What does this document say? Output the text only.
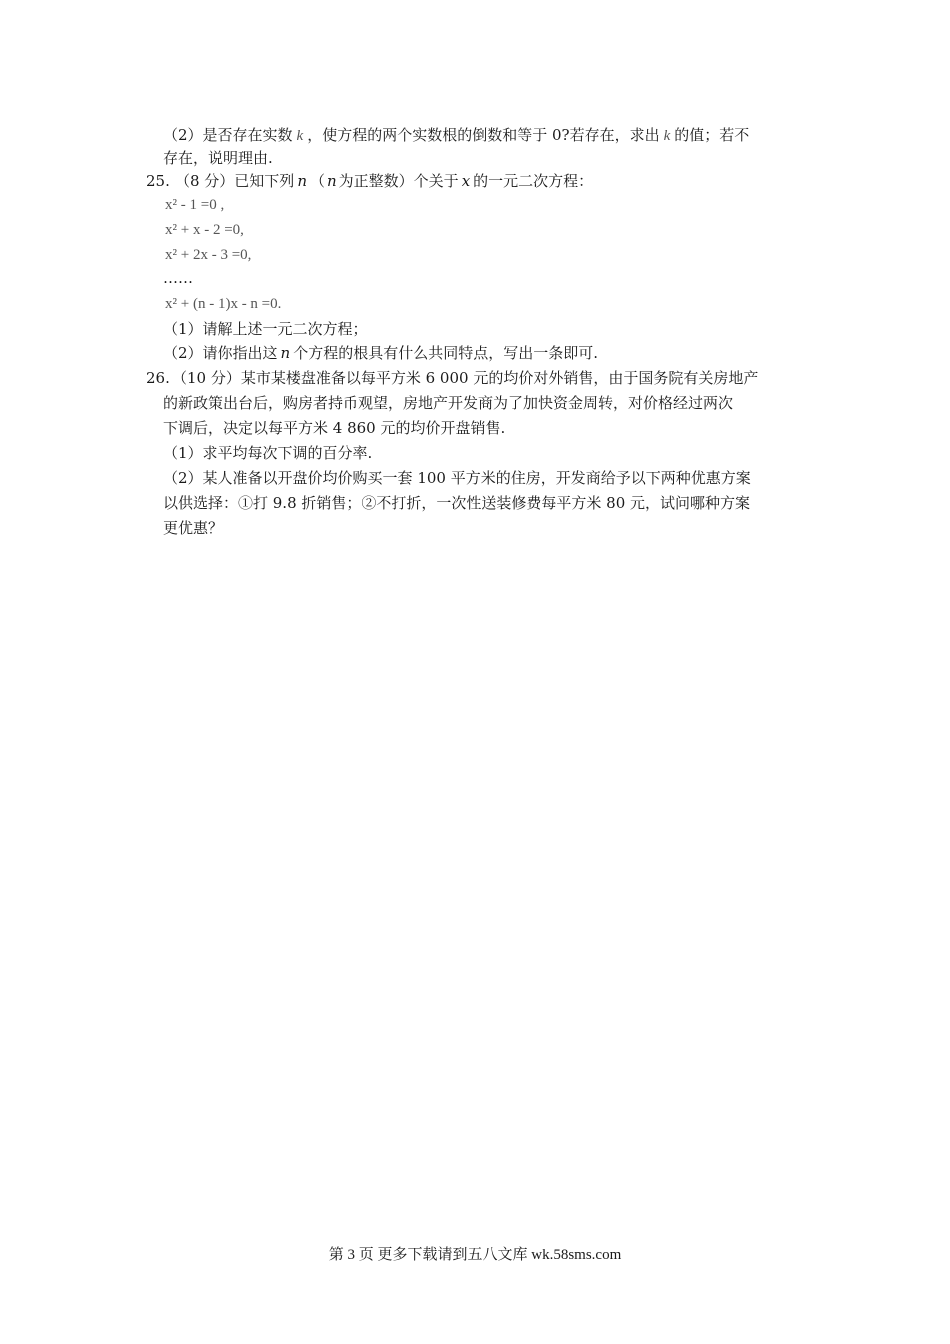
（2）是否存在实数 k ，使方程的两个实数根的倒数和等于 0?若存在，求出 k 的值；若不
存在，说明理由.
25. （8 分）已知下列 n （ n 为正整数）个关于 x 的一元二次方程：
x² - 1 =0 ,
x² + x - 2 =0,
x² + 2x - 3 =0,
……
x² + (n - 1)x - n =0.
（1）请解上述一元二次方程；
（2）请你指出这 n 个方程的根具有什么共同特点，写出一条即可.
26. （10 分）某市某楼盘准备以每平方米 6 000 元的均价对外销售，由于国务院有关房地产
的新政策出台后，购房者持币观望，房地产开发商为了加快资金周转，对价格经过两次
下调后，决定以每平方米 4 860 元的均价开盘销售.
（1）求平均每次下调的百分率.
（2）某人准备以开盘价均价购买一套 100 平方米的住房，开发商给予以下两种优惠方案
以供选择：①打 9.8 折销售；②不打折，一次性送装修费每平方米 80 元，试问哪种方案
更优惠？
第 3 页 更多下载请到五八文库 wk.58sms.com
